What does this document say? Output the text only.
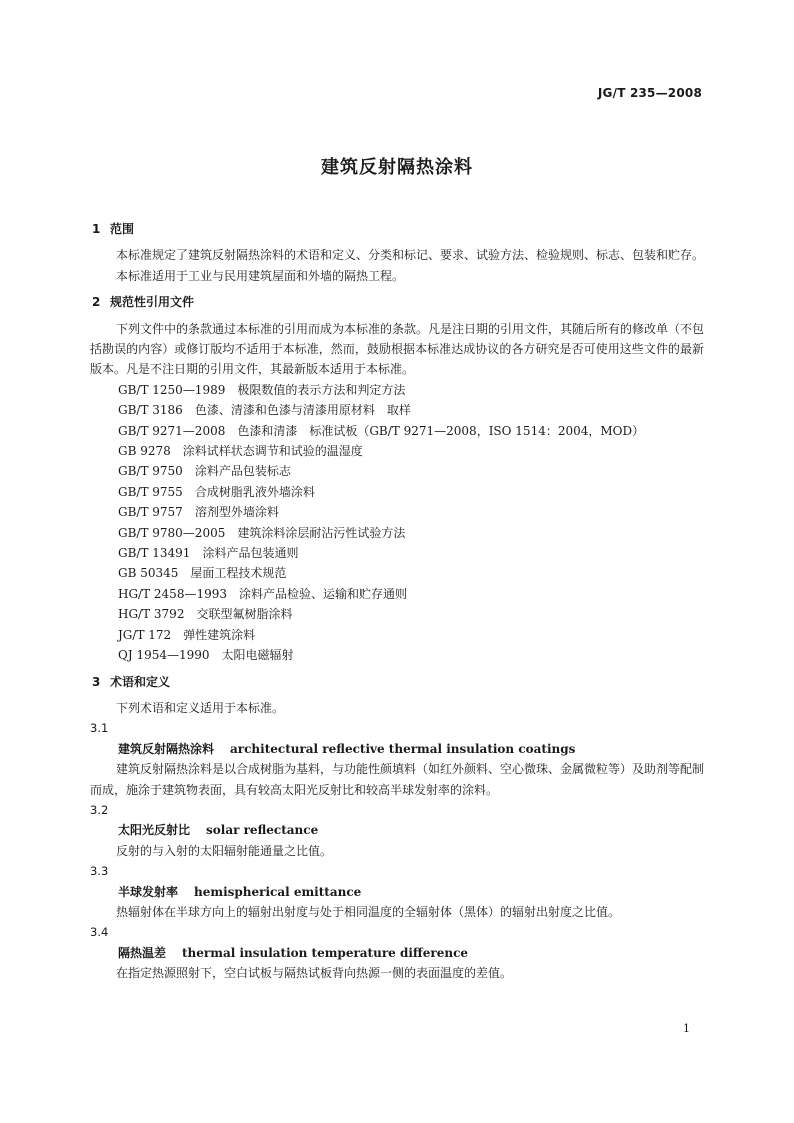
JG/T 235—2008
建筑反射隔热涂料
1 范围
本标准规定了建筑反射隔热涂料的术语和定义、分类和标记、要求、试验方法、检验规则、标志、包装和贮存。
本标准适用于工业与民用建筑屋面和外墙的隔热工程。
2 规范性引用文件
下列文件中的条款通过本标准的引用而成为本标准的条款。凡是注日期的引用文件，其随后所有的修改单（不包括勘误的内容）或修订版均不适用于本标准，然而，鼓励根据本标准达成协议的各方研究是否可使用这些文件的最新版本。凡是不注日期的引用文件，其最新版本适用于本标准。
GB/T 1250—1989 极限数值的表示方法和判定方法
GB/T 3186 色漆、清漆和色漆与清漆用原材料　取样
GB/T 9271—2008 色漆和清漆　标准试板（GB/T 9271—2008，ISO 1514：2004，MOD）
GB 9278 涂料试样状态调节和试验的温湿度
GB/T 9750 涂料产品包装标志
GB/T 9755 合成树脂乳液外墙涂料
GB/T 9757 溶剂型外墙涂料
GB/T 9780—2005 建筑涂料涂层耐沾污性试验方法
GB/T 13491 涂料产品包装通则
GB 50345 屋面工程技术规范
HG/T 2458—1993 涂料产品检验、运输和贮存通则
HG/T 3792 交联型氟树脂涂料
JG/T 172 弹性建筑涂料
QJ 1954—1990 太阳电磁辐射
3 术语和定义
下列术语和定义适用于本标准。
3.1
建筑反射隔热涂料 architectural reflective thermal insulation coatings
建筑反射隔热涂料是以合成树脂为基料，与功能性颜填料（如红外颜料、空心微珠、金属微粒等）及助剂等配制而成，施涂于建筑物表面，具有较高太阳光反射比和较高半球发射率的涂料。
3.2
太阳光反射比 solar reflectance
反射的与入射的太阳辐射能通量之比值。
3.3
半球发射率 hemispherical emittance
热辐射体在半球方向上的辐射出射度与处于相同温度的全辐射体（黑体）的辐射出射度之比值。
3.4
隔热温差 thermal insulation temperature difference
在指定热源照射下，空白试板与隔热试板背向热源一侧的表面温度的差值。
1
